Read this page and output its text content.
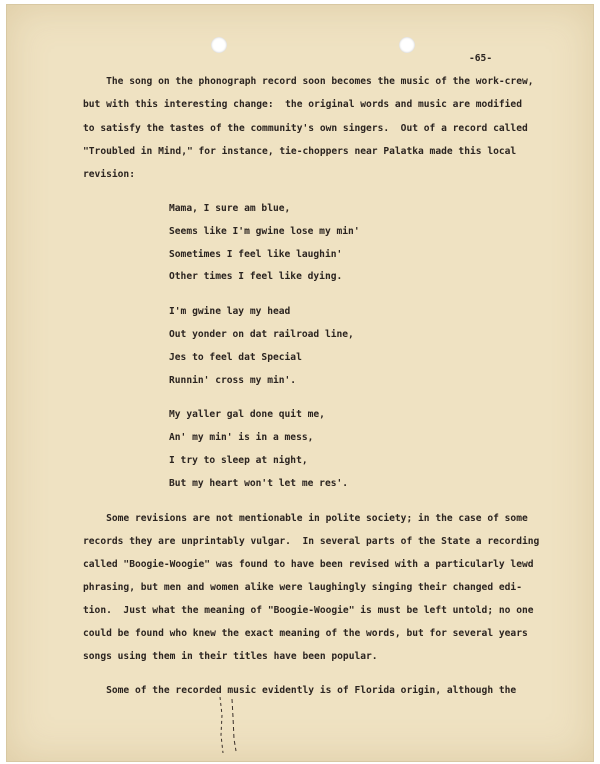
-65-
The song on the phonograph record soon becomes the music of the work-crew,
but with this interesting change:  the original words and music are modified
to satisfy the tastes of the community's own singers.  Out of a record called
"Troubled in Mind," for instance, tie-choppers near Palatka made this local
revision:
Mama, I sure am blue,
Seems like I'm gwine lose my min'
Sometimes I feel like laughin'
Other times I feel like dying.
I'm gwine lay my head
Out yonder on dat railroad line,
Jes to feel dat Special
Runnin' cross my min'.
My yaller gal done quit me,
An' my min' is in a mess,
I try to sleep at night,
But my heart won't let me res'.
Some revisions are not mentionable in polite society; in the case of some
records they are unprintably vulgar.  In several parts of the State a recording
called "Boogie-Woogie" was found to have been revised with a particularly lewd
phrasing, but men and women alike were laughingly singing their changed edi-
tion.  Just what the meaning of "Boogie-Woogie" is must be left untold; no one
could be found who knew the exact meaning of the words, but for several years
songs using them in their titles have been popular.
Some of the recorded music evidently is of Florida origin, although the
